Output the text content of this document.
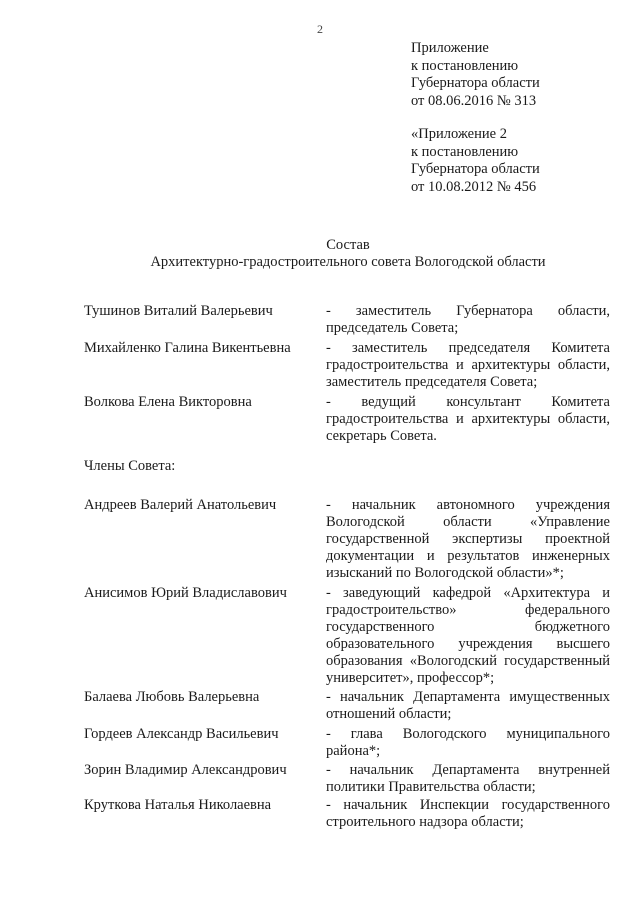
2
Приложение
к постановлению
Губернатора области
от 08.06.2016 № 313
«Приложение 2
к постановлению
Губернатора области
от 10.08.2012 № 456
Состав
Архитектурно-градостроительного совета Вологодской области
Тушинов Виталий Валерьевич	- заместитель Губернатора области, председатель Совета;
Михайленко Галина Викентьевна - заместитель председателя Комитета градостроительства и архитектуры области, заместитель председателя Совета;
Волкова Елена Викторовна	- ведущий консультант Комитета градостроительства и архитектуры области, секретарь Совета.
Члены Совета:
Андреев Валерий Анатольевич	- начальник автономного учреждения Вологодской области «Управление государственной экспертизы проектной документации и результатов инженерных изысканий по Вологодской области»*;
Анисимов Юрий Владиславович	- заведующий кафедрой «Архитектура и градостроительство» федерального государственного бюджетного образовательного учреждения высшего образования «Вологодский государственный университет», профессор*;
Балаева Любовь Валерьевна	- начальник Департамента имущественных отношений области;
Гордеев Александр Васильевич	- глава Вологодского муниципального района*;
Зорин Владимир Александрович	- начальник Департамента внутренней политики Правительства области;
Круткова Наталья Николаевна	- начальник Инспекции государственного строительного надзора области;
